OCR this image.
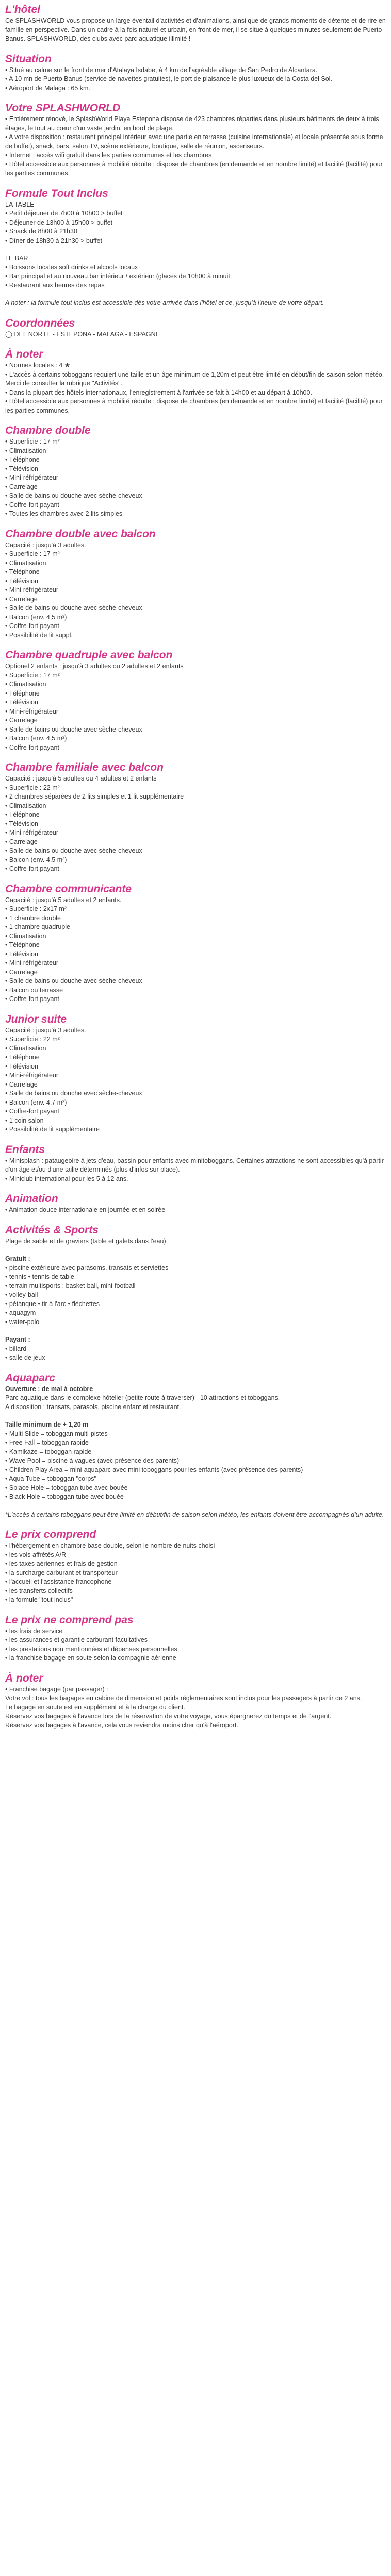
L'hôtel

Ce SPLASHWORLD vous propose un large éventail d'activités et d'animations, ainsi que de grands moments de détente et de rire en famille en perspective. Dans un cadre à la fois naturel et urbain, en front de mer, il se situe à quelques minutes seulement de Puerto Banus. SPLASHWORLD, des clubs avec parc aquatique illimité !

Situation
• Situé au calme sur le front de mer d'Atalaya Isdabe, à 4 km de l'agréable village de San Pedro de Alcantara.
• A 10 mn de Puerto Banus (service de navettes gratuites), le port de plaisance le plus luxueux de la Costa del Sol.
• Aéroport de Malaga : 65 km.
Votre SPLASHWORLD
• Entièrement rénové, le SplashWorld Playa Estepona dispose de 423 chambres réparties dans plusieurs bâtiments de deux à trois étages, le tout au cœur d'un vaste jardin, en bord de plage.
• A votre disposition : restaurant principal intérieur avec une partie en terrasse (cuisine internationale) et locale présentée sous forme de buffet), snack, bars, salon TV, scène extérieure, boutique, salle de réunion, ascenseurs.
• Internet : accès wifi gratuit dans les parties communes et les chambres
• Hôtel accessible aux personnes à mobilité réduite : dispose de chambres (en demande et en nombre limité) et facilité (facilité) pour les parties communes.
Formule Tout Inclus

LA TABLE

• Petit déjeuner de 7h00 à 10h00 > buffet
• Déjeuner de 13h00 à 15h00 > buffet
• Snack de 8h00 à 21h30
• Dîner de 18h30 à 21h30 > buffet

LE BAR

• Boissons locales soft drinks et alcools locaux
• Bar principal et au nouveau bar intérieur / extérieur (glaces de 10h00 à minuit
• Restaurant aux heures des repas

A noter : la formule tout inclus est accessible dès votre arrivée dans l'hôtel et ce, jusqu'à l'heure de votre départ.

Coordonnées

◯ DEL NORTE - ESTEPONA - MALAGA - ESPAGNE

À noter
• Normes locales : 4 ★
• L'accès à certains toboggans requiert une taille et un âge minimum de 1,20m et peut être limité en début/fin de saison selon météo. Merci de consulter la rubrique "Activités".
• Dans la plupart des hôtels internationaux, l'enregistrement à l'arrivée se fait à 14h00 et au départ à 10h00.
• Hôtel accessible aux personnes à mobilité réduite : dispose de chambres (en demande et en nombre limité) et facilité (facilité) pour les parties communes.
Chambre double
• Superficie : 17 m²
• Climatisation
• Téléphone
• Télévision
• Mini-réfrigérateur
• Carrelage
• Salle de bains ou douche avec sèche-cheveux
• Coffre-fort payant
• Toutes les chambres avec 2 lits simples
Chambre double avec balcon

Capacité : jusqu'à 3 adultes.

• Superficie : 17 m²
• Climatisation
• Téléphone
• Télévision
• Mini-réfrigérateur
• Carrelage
• Salle de bains ou douche avec sèche-cheveux
• Balcon (env. 4,5 m²)
• Coffre-fort payant
• Possibilité de lit suppl.
Chambre quadruple avec balcon

Optionel 2 enfants : jusqu'à 3 adultes ou 2 adultes et 2 enfants

• Superficie : 17 m²
• Climatisation
• Téléphone
• Télévision
• Mini-réfrigérateur
• Carrelage
• Salle de bains ou douche avec sèche-cheveux
• Balcon (env. 4,5 m²)
• Coffre-fort payant
Chambre familiale avec balcon

Capacité : jusqu'à 5 adultes ou 4 adultes et 2 enfants

• Superficie : 22 m²
• 2 chambres séparées de 2 lits simples et 1 lit supplémentaire
• Climatisation
• Téléphone
• Télévision
• Mini-réfrigérateur
• Carrelage
• Salle de bains ou douche avec sèche-cheveux
• Balcon (env. 4,5 m²)
• Coffre-fort payant
Chambre communicante

Capacité : jusqu'à 5 adultes et 2 enfants.

• Superficie : 2x17 m²
• 1 chambre double
• 1 chambre quadruple
• Climatisation
• Téléphone
• Télévision
• Mini-réfrigérateur
• Carrelage
• Salle de bains ou douche avec sèche-cheveux
• Balcon ou terrasse
• Coffre-fort payant
Junior suite

Capacité : jusqu'à 3 adultes.

• Superficie : 22 m²
• Climatisation
• Téléphone
• Télévision
• Mini-réfrigérateur
• Carrelage
• Salle de bains ou douche avec sèche-cheveux
• Balcon (env. 4,7 m²)
• Coffre-fort payant
• 1 coin salon
• Possibilité de lit supplémentaire
Enfants
• Minisplash : pataugeoire à jets d'eau, bassin pour enfants avec minitoboggans. Certaines attractions ne sont accessibles qu'à partir d'un âge et/ou d'une taille déterminés (plus d'infos sur place).
• Miniclub international pour les 5 à 12 ans.
Animation
• Animation douce internationale en journée et en soirée
Activités & Sports

Plage de sable et de graviers (table et galets dans l'eau).

Gratuit :

• piscine extérieure avec parasoms, transats et serviettes
• tennis • tennis de table
• terrain multisports : basket-ball, mini-football
• volley-ball
• pétanque • tir à l'arc • fléchettes
• aquagym
• water-polo

Payant :

• billard
• salle de jeux
Aquaparc

Ouverture : de mai à octobre

Parc aquatique dans le complexe hôtelier (petite route à traverser) - 10 attractions et toboggans.

A disposition : transats, parasols, piscine enfant et restaurant.

Taille minimum de + 1,20 m

• Multi Slide = toboggan multi-pistes
• Free Fall = toboggan rapide
• Kamikaze = toboggan rapide
• Wave Pool = piscine à vagues (avec présence des parents)
• Children Play Area = mini-aquaparc avec mini toboggans pour les enfants (avec présence des parents)
• Aqua Tube = toboggan "corps"
• Splace Hole = toboggan tube avec bouée
• Black Hole = toboggan tube avec bouée

*L'accès à certains toboggans peut être limité en début/fin de saison selon météo, les enfants doivent être accompagnés d'un adulte.

Le prix comprend
• l'hébergement en chambre base double, selon le nombre de nuits choisi
• les vols affrétés A/R
• les taxes aériennes et frais de gestion
• la surcharge carburant et transporteur
• l'accueil et l'assistance francophone
• les transferts collectifs
• la formule "tout inclus"
Le prix ne comprend pas
• les frais de service
• les assurances et garantie carburant facultatives
• les prestations non mentionnées et dépenses personnelles
• la franchise bagage en soute selon la compagnie aérienne
À noter
• Franchise bagage (par passager) :
Votre vol : tous les bagages en cabine de dimension et poids réglementaires sont inclus pour les passagers à partir de 2 ans.
Le bagage en soute est en supplément et à la charge du client.
Réservez vos bagages à l'avance lors de la réservation de votre voyage, vous épargnerez du temps et de l'argent.
Réservez vos bagages à l'avance, cela vous reviendra moins cher qu'à l'aéroport.
